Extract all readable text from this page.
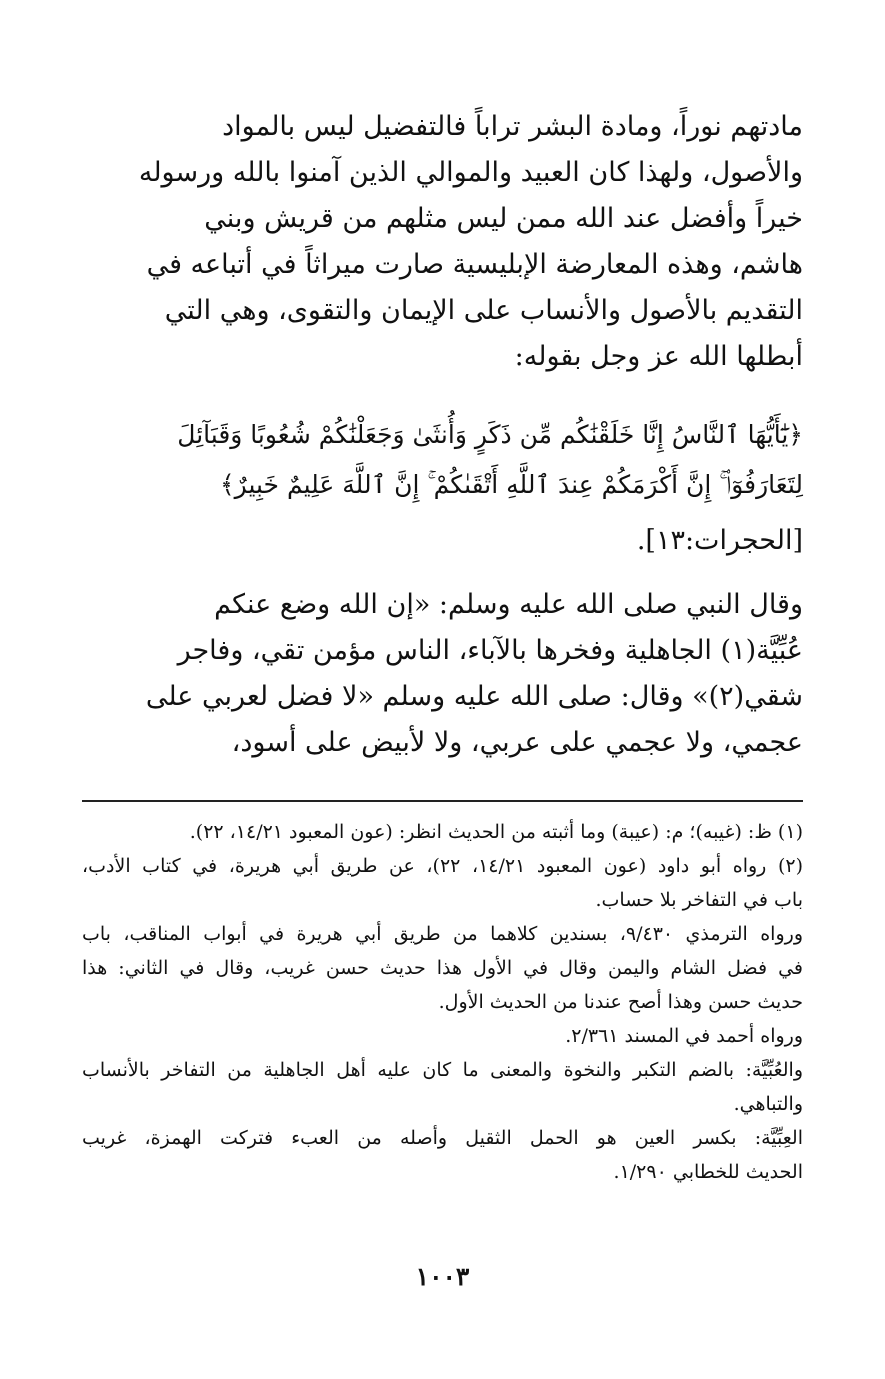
مادتهم نوراً، ومادة البشر تراباً فالتفضيل ليس بالمواد
والأصول، ولهذا كان العبيد والموالي الذين آمنوا بالله ورسوله
خيراً وأفضل عند الله ممن ليس مثلهم من قريش وبني
هاشم، وهذه المعارضة الإبليسية صارت ميراثاً في أتباعه في
التقديم بالأصول والأنساب على الإيمان والتقوى، وهي التي
أبطلها الله عز وجل بقوله:
﴿يَٰٓأَيُّهَا ٱلنَّاسُ إِنَّا خَلَقْنَٰكُم مِّن ذَكَرٍ وَأُنثَىٰ وَجَعَلْنَٰكُمْ شُعُوبًا وَقَبَآئِلَ
لِتَعَارَفُوٓا۟ ۚ إِنَّ أَكْرَمَكُمْ عِندَ ٱللَّهِ أَتْقَىٰكُمْ ۚ إِنَّ ٱللَّهَ عَلِيمٌ خَبِيرٌ﴾
[الحجرات:١٣].
وقال النبي صلى الله عليه وسلم: «إن الله وضع عنكم
عُبِّيَّة(١) الجاهلية وفخرها بالآباء، الناس مؤمن تقي، وفاجر
شقي(٢)» وقال: صلى الله عليه وسلم «لا فضل لعربي على
عجمي، ولا عجمي على عربي، ولا لأبيض على أسود،
(١) ظ: (غيبه)؛ م: (عيبة) وما أثبته من الحديث انظر: (عون المعبود ١٤/٢١، ٢٢).
(٢) رواه أبو داود (عون المعبود ١٤/٢١، ٢٢)، عن طريق أبي هريرة، في كتاب الأدب،
باب في التفاخر بلا حساب.
ورواه الترمذي ٩/٤٣٠، بسندين كلاهما من طريق أبي هريرة في أبواب المناقب، باب
في فضل الشام واليمن وقال في الأول هذا حديث حسن غريب، وقال في الثاني: هذا
حديث حسن وهذا أصح عندنا من الحديث الأول.
ورواه أحمد في المسند ٢/٣٦١.
والعُبِّيَّة: بالضم التكبر والنخوة والمعنى ما كان عليه أهل الجاهلية من التفاخر بالأنساب
والتباهي.
العِبِّيَّة: بكسر العين هو الحمل الثقيل وأصله من العبء فتركت الهمزة، غريب
الحديث للخطابي ١/٢٩٠.
١٠٠٣
